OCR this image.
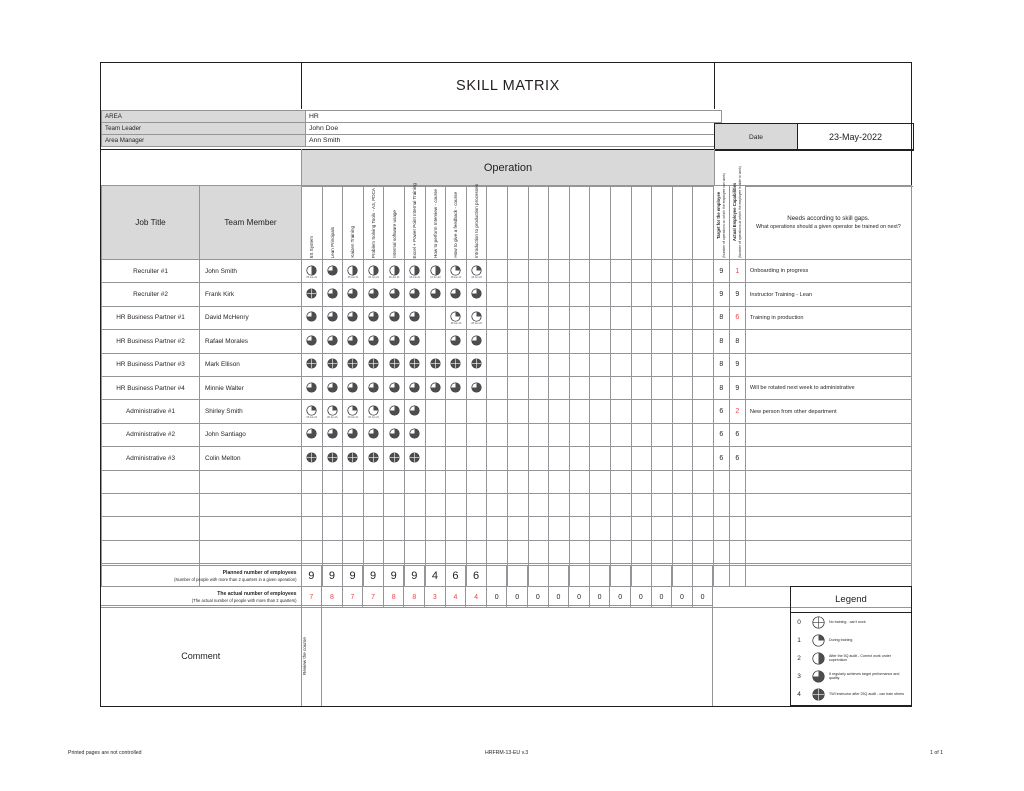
SKILL MATRIX

AREA	HR
Team Leader	John Doe
Area Manager	Ann Smith	Date	23-May-2022
	Operation	
Job Title	Team Member	
5S System	Lean Principals	Kaizen Training	Problem Solving Tools - A3, PDCA	Internal software usage	Excel + Power Point Internal Training	How to perform Interview - course	How to give a feedback - course	Introduction to production processes												Target for the employee
(Number of operations on which the employee can work)	Actual Employee Capabilities
(Number of operations at which the employee is able to work)	Needs according to skill gaps.
What operations should a given operator be trained on next?

Recruiter #1	John Smith	06 Jun 21		06 Jun 21	06 Jun 21	06 Jun 21	06 Jun 21	12 Jun 22	18 Jun 22	18 Jun 22												9	1	Onboarding in progress
Recruiter #2	Frank Kirk																					9	9	Instructor Training - Lean
HR Business Partner #1	David McHenry								28 Jun 22	28 Jun 22												8	6	Training in production
HR Business Partner #2	Rafael Morales																					8	8	
HR Business Partner #3	Mark Ellison																					8	9	
HR Business Partner #4	Minnie Walter																					8	9	Will be rotated next week to administrative
Administrative #1	Shirley Smith	06 Jun 21	06 Jun 21	06 Jun 21	06 Jun 21																	6	2	New person from other department
Administrative #2	John Santiago																					6	6	
Administrative #3	Colin Melton																					6	6	

Planned number of employees
(Number of people with more than 2 quarters in a given operation)	9	9	9	9	9	9	4	6	6												
The actual number of employees
(The actual number of people with more than 2 quarters)	7	8	7	7	8	8	3	4	4	0	0	0	0	0	0	0	0	0	0	0	
Comment	Review the course

Legend
0	No training - can't work
1	During training
2	After the 5Q audit - Correct work under supervision
3	It regularly achieves target performance and quality
4	TWI instructor after 25Q audit - can train others
Printed pages are not controlled	HRFRM-13-EU v.3	1 of 1
